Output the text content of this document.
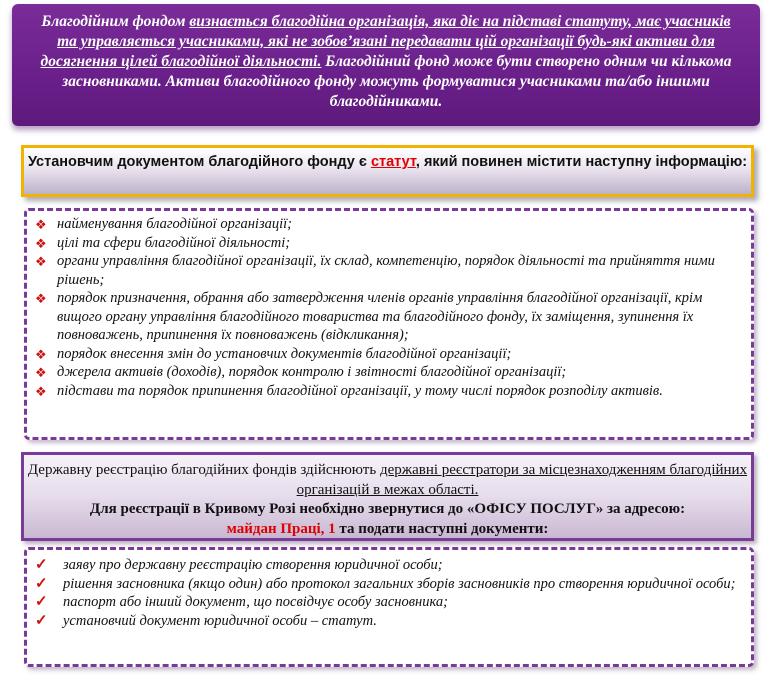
Благодійним фондом визнається благодійна організація, яка діє на підставі статуту, має учасників та управляється учасниками, які не зобов’язані передавати цій організації будь-які активи для досягнення цілей благодійної діяльності. Благодійний фонд може бути створено одним чи кількома засновниками. Активи благодійного фонду можуть формуватися учасниками та/або іншими благодійниками.
Установчим документом благодійного фонду є статут, який повинен містити наступну інформацію:
❖ найменування благодійної організації;
❖ цілі та сфери благодійної діяльності;
❖ органи управління благодійної організації, їх склад, компетенцію, порядок діяльності та прийняття ними рішень;
❖ порядок призначення, обрання або затвердження членів органів управління благодійної організації, крім вищого органу управління благодійного товариства та благодійного фонду, їх заміщення, зупинення їх повноважень, припинення їх повноважень (відкликання);
❖ порядок внесення змін до установчих документів благодійної організації;
❖ джерела активів (доходів), порядок контролю і звітності благодійної організації;
❖ підстави та порядок припинення благодійної організації, у тому числі порядок розподілу активів.
Державну реєстрацію благодійних фондів здійснюють державні реєстратори за місцезнаходженням благодійних організацій в межах області.
Для реєстрації в Кривому Розі необхідно звернутися до «ОФІСУ ПОСЛУГ» за адресою:
майдан Праці, 1 та подати наступні документи:
✓ заяву про державну реєстрацію створення юридичної особи;
✓ рішення засновника (якщо один) або протокол загальних зборів засновників про створення юридичної особи;
✓ паспорт або інший документ, що посвідчує особу засновника;
✓ установчий документ юридичної особи – статут.
